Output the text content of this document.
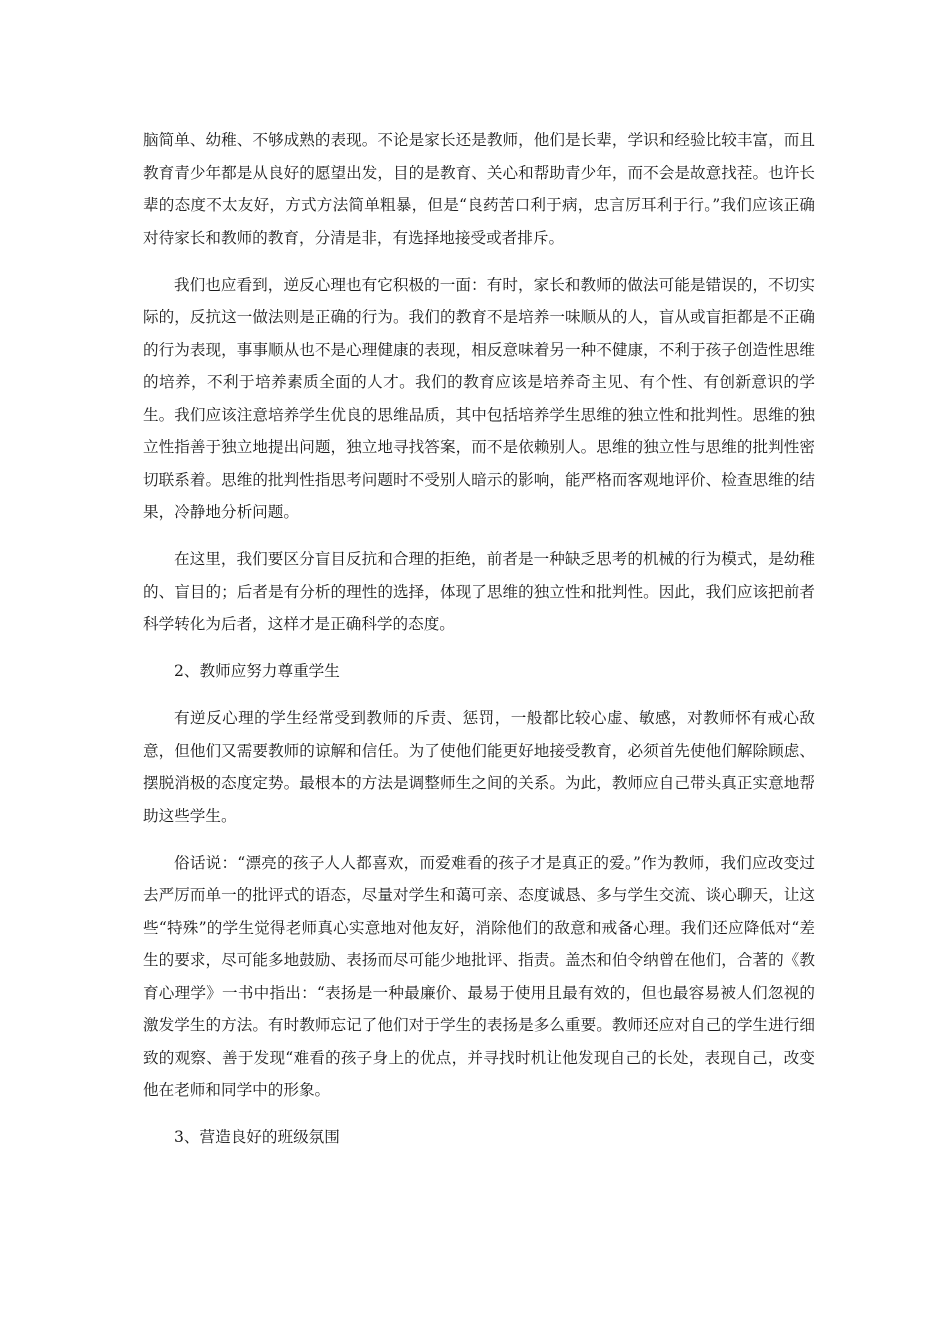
脑简单、幼稚、不够成熟的表现。不论是家长还是教师，他们是长辈，学识和经验比较丰富，而且教育青少年都是从良好的愿望出发，目的是教育、关心和帮助青少年，而不会是故意找茬。也许长辈的态度不太友好，方式方法简单粗暴，但是“良药苦口利于病，忠言厉耳利于行。”我们应该正确对待家长和教师的教育，分清是非，有选择地接受或者排斥。

我们也应看到，逆反心理也有它积极的一面：有时，家长和教师的做法可能是错误的，不切实际的，反抗这一做法则是正确的行为。我们的教育不是培养一味顺从的人，盲从或盲拒都是不正确的行为表现，事事顺从也不是心理健康的表现，相反意味着另一种不健康，不利于孩子创造性思维的培养，不利于培养素质全面的人才。我们的教育应该是培养奇主见、有个性、有创新意识的学生。我们应该注意培养学生优良的思维品质，其中包括培养学生思维的独立性和批判性。思维的独立性指善于独立地提出问题，独立地寻找答案，而不是依赖别人。思维的独立性与思维的批判性密切联系着。思维的批判性指思考问题时不受别人暗示的影响，能严格而客观地评价、检查思维的结果，冷静地分析问题。

在这里，我们要区分盲目反抗和合理的拒绝，前者是一种缺乏思考的机械的行为模式，是幼稚的、盲目的；后者是有分析的理性的选择，体现了思维的独立性和批判性。因此，我们应该把前者科学转化为后者，这样才是正确科学的态度。

2、教师应努力尊重学生

有逆反心理的学生经常受到教师的斥责、惩罚，一般都比较心虚、敏感，对教师怀有戒心敌意，但他们又需要教师的谅解和信任。为了使他们能更好地接受教育，必须首先使他们解除顾虑、摆脱消极的态度定势。最根本的方法是调整师生之间的关系。为此，教师应自己带头真正实意地帮助这些学生。

俗话说：“漂亮的孩子人人都喜欢，而爱难看的孩子才是真正的爱。”作为教师，我们应改变过去严厉而单一的批评式的语态，尽量对学生和蔼可亲、态度诚恳、多与学生交流、谈心聊天，让这些“特殊”的学生觉得老师真心实意地对他友好，消除他们的敌意和戒备心理。我们还应降低对“差生的要求，尽可能多地鼓励、表扬而尽可能少地批评、指责。盖杰和伯令纳曾在他们，合著的《教育心理学》一书中指出：“表扬是一种最廉价、最易于使用且最有效的，但也最容易被人们忽视的激发学生的方法。有时教师忘记了他们对于学生的表扬是多么重要。教师还应对自己的学生进行细致的观察、善于发现“难看的孩子身上的优点，并寻找时机让他发现自己的长处，表现自己，改变他在老师和同学中的形象。

3、营造良好的班级氛围
